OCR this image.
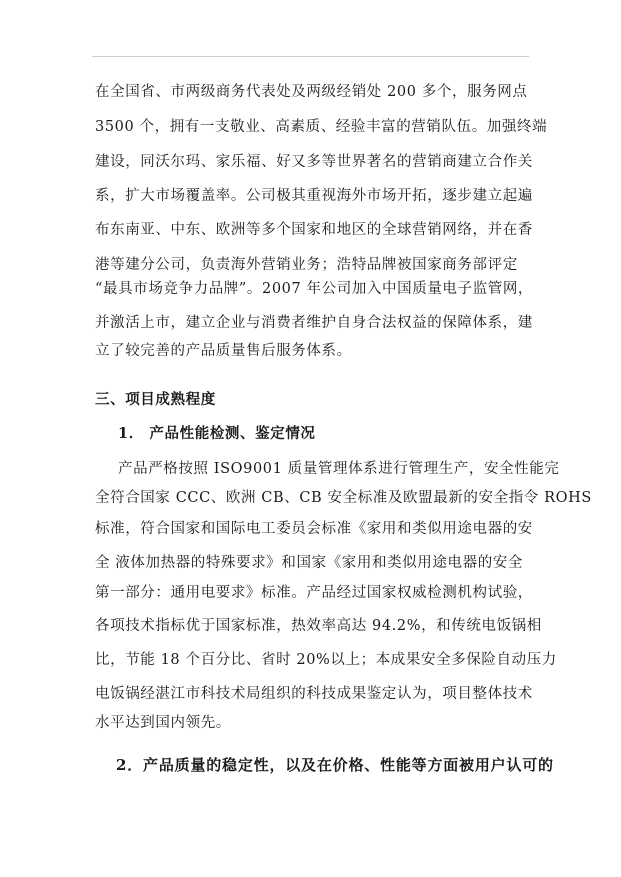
在全国省、市两级商务代表处及两级经销处 200 多个，服务网点
3500 个，拥有一支敬业、高素质、经验丰富的营销队伍。加强终端
建设，同沃尔玛、家乐福、好又多等世界著名的营销商建立合作关
系，扩大市场覆盖率。公司极其重视海外市场开拓，逐步建立起遍
布东南亚、中东、欧洲等多个国家和地区的全球营销网络，并在香
港等建分公司，负责海外营销业务；浩特品牌被国家商务部评定
“最具市场竞争力品牌”。2007 年公司加入中国质量电子监管网，
并激活上市，建立企业与消费者维护自身合法权益的保障体系，建
立了较完善的产品质量售后服务体系。
三、项目成熟程度
1． 产品性能检测、鉴定情况
产品严格按照 ISO9001 质量管理体系进行管理生产，安全性能完
全符合国家 CCC、欧洲 CB、CB 安全标准及欧盟最新的安全指令 ROHS
标准，符合国家和国际电工委员会标准《家用和类似用途电器的安
全 液体加热器的特殊要求》和国家《家用和类似用途电器的安全
第一部分：通用电要求》标准。产品经过国家权威检测机构试验，
各项技术指标优于国家标准，热效率高达 94.2%，和传统电饭锅相
比，节能 18 个百分比、省时 20%以上；本成果安全多保险自动压力
电饭锅经湛江市科技术局组织的科技成果鉴定认为，项目整体技术
水平达到国内领先。
2．产品质量的稳定性，以及在价格、性能等方面被用户认可的
